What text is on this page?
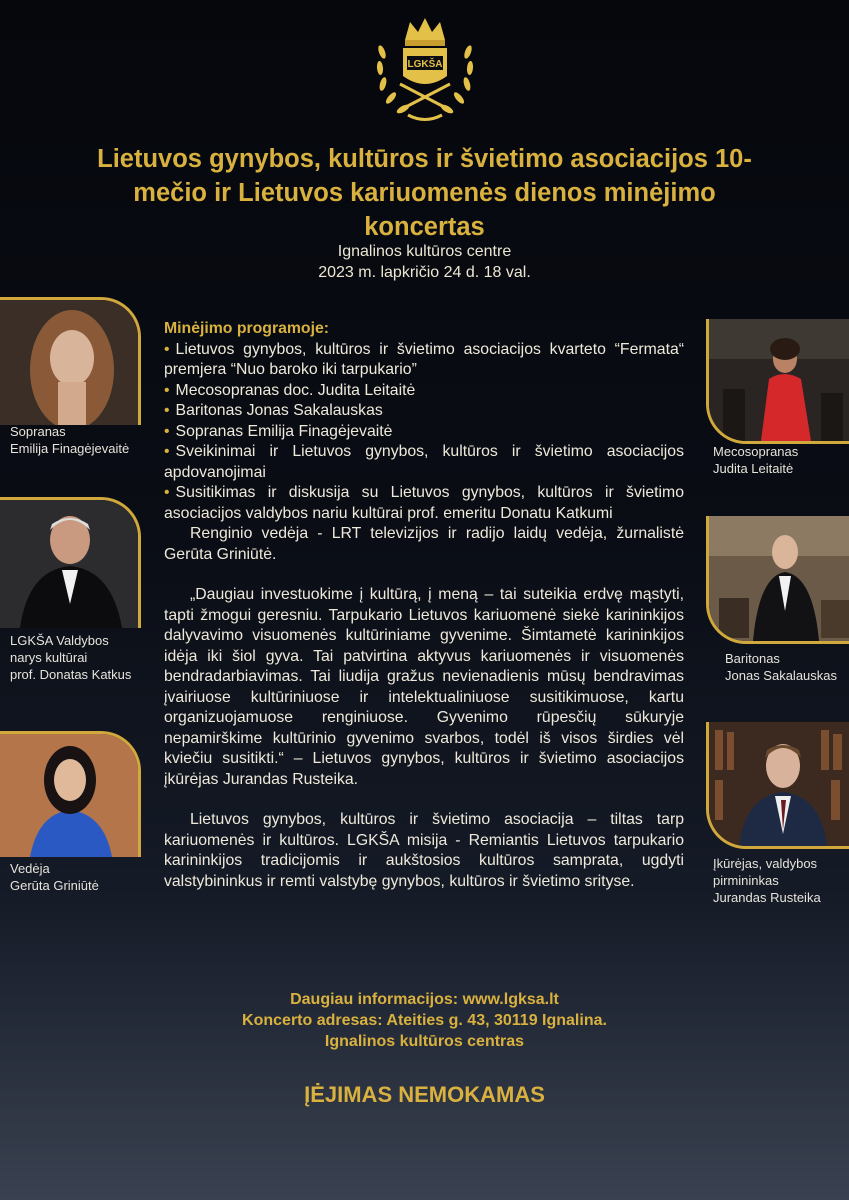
LGKŠA
Lietuvos gynybos, kultūros ir švietimo asociacijos 10-
mečio ir Lietuvos kariuomenės dienos minėjimo
koncertas
Ignalinos kultūros centre
2023 m. lapkričio 24 d. 18 val.
Sopranas
Emilija Finagėjevaitė
LGKŠA Valdybos
narys kultūrai
prof. Donatas Katkus
Vedėja
Gerūta Griniūtė
Mecosopranas
Judita Leitaitė
Baritonas
Jonas Sakalauskas
Įkūrėjas, valdybos
pirmininkas
Jurandas Rusteika
Minėjimo programoje:
• Lietuvos gynybos, kultūros ir švietimo asociacijos kvarteto “Fermata“ premjera “Nuo baroko iki tarpukario”
• Mecosopranas doc. Judita Leitaitė
• Baritonas Jonas Sakalauskas
• Sopranas Emilija Finagėjevaitė
• Sveikinimai ir Lietuvos gynybos, kultūros ir švietimo asociacijos apdovanojimai
• Susitikimas ir diskusija su Lietuvos gynybos, kultūros ir švietimo asociacijos valdybos nariu kultūrai prof. emeritu Donatu Katkumi
Renginio vedėja - LRT televizijos ir radijo laidų vedėja, žurnalistė Gerūta Griniūtė.
„Daugiau investuokime į kultūrą, į meną – tai suteikia erdvę mąstyti, tapti žmogui geresniu. Tarpukario Lietuvos kariuomenė siekė karininkijos dalyvavimo visuomenės kultūriniame gyvenime. Šimtametė karininkijos idėja iki šiol gyva. Tai patvirtina aktyvus kariuomenės ir visuomenės bendradarbiavimas. Tai liudija gražus nevienadienis mūsų bendravimas įvairiuose kultūriniuose ir intelektualiniuose susitikimuose, kartu organizuojamuose renginiuose. Gyvenimo rūpesčių sūkuryje nepamirškime kultūrinio gyvenimo svarbos, todėl iš visos širdies vėl kviečiu susitikti.“ – Lietuvos gynybos, kultūros ir švietimo asociacijos įkūrėjas Jurandas Rusteika.
Lietuvos gynybos, kultūros ir švietimo asociacija – tiltas tarp kariuomenės ir kultūros. LGKŠA misija - Remiantis Lietuvos tarpukario karininkijos tradicijomis ir aukštosios kultūros samprata, ugdyti valstybininkus ir remti valstybę gynybos, kultūros ir švietimo srityse.
Daugiau informacijos: www.lgksa.lt
Koncerto adresas: Ateities g. 43, 30119 Ignalina.
Ignalinos kultūros centras
ĮĖJIMAS NEMOKAMAS
